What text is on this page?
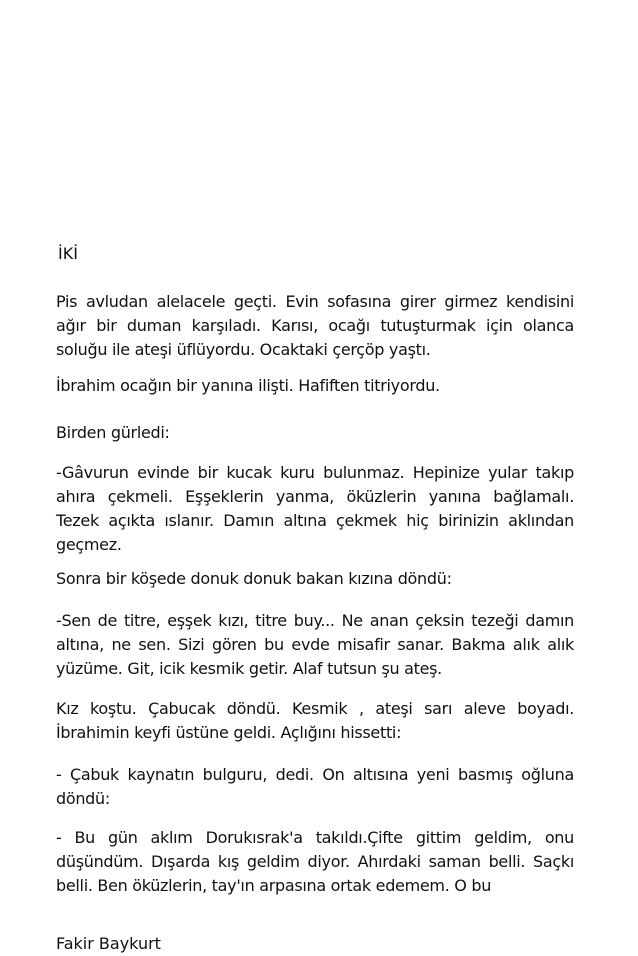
İKİ

Pis avludan alelacele geçti. Evin sofasına girer girmez kendisini ağır bir duman karşıladı. Karısı, ocağı tutuşturmak için olanca soluğu ile ateşi üflüyordu. Ocaktaki çerçöp yaştı.

İbrahim ocağın bir yanına ilişti. Hafiften titriyordu.

Birden gürledi:

-Gâvurun evinde bir kucak kuru bulunmaz. Hepinize yular takıp ahıra çekmeli. Eşşeklerin yanma, öküzlerin yanına bağlamalı. Tezek açıkta ıslanır. Damın altına çekmek hiç birinizin aklından geçmez.

Sonra bir köşede donuk donuk bakan kızına döndü:

-Sen de titre, eşşek kızı, titre buy... Ne anan çeksin tezeği damın altına, ne sen. Sizi gören bu evde misafir sanar. Bakma alık alık yüzüme. Git, icik kesmik getir. Alaf tutsun şu ateş.

Kız koştu. Çabucak döndü. Kesmik , ateşi sarı aleve boyadı. İbrahimin keyfi üstüne geldi. Açlığını hissetti:

- Çabuk kaynatın bulguru, dedi. On altısına yeni basmış oğluna döndü:

- Bu gün aklım Dorukısrak'a takıldı.Çifte gittim geldim, onu düşündüm. Dışarda kış geldim diyor. Ahırdaki saman belli. Saçkı belli. Ben öküzlerin, tay'ın arpasına ortak edemem. O bu

Fakir Baykurt
